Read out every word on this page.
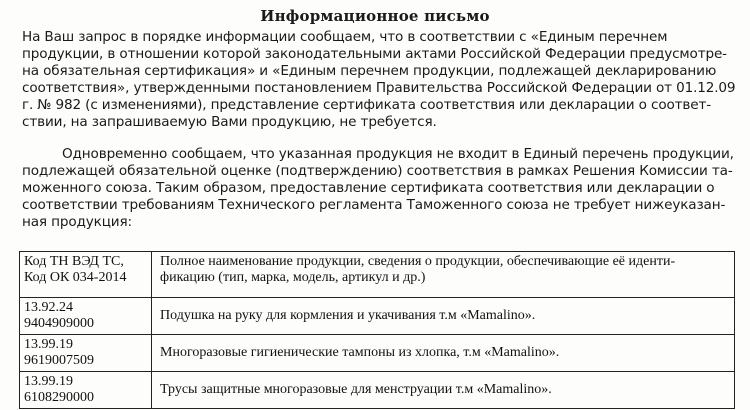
Информационное письмо
На Ваш запрос в порядке информации сообщаем, что в соответствии с «Единым перечнем
продукции, в отношении которой законодательными актами Российской Федерации предусмотре-
на обязательная сертификация» и «Единым перечнем продукции, подлежащей декларированию
соответствия», утвержденными постановлением Правительства Российской Федерации от 01.12.09
г. № 982 (с изменениями), представление сертификата соответствия или декларации о соответ-
ствии, на запрашиваемую Вами продукцию, не требуется.
Одновременно сообщаем, что указанная продукция не входит в Единый перечень продукции,
подлежащей обязательной оценке (подтверждению) соответствия в рамках Решения Комиссии та-
моженного союза. Таким образом, предоставление сертификата соответствия или декларации о
соответствии требованиям Технического регламента Таможенного союза не требует нижеуказан-
ная продукция:
Код ТН ВЭД ТС,
Код ОК 034-2014	Полное наименование продукции, сведения о продукции, обеспечивающие её иденти-
фикацию (тип, марка, модель, артикул и др.)

13.92.24
9404909000	Подушка на руку для кормления и укачивания т.м «Mamalino».

13.99.19
9619007509	Многоразовые гигиенические тампоны из хлопка, т.м «Mamalino».

13.99.19
6108290000	Трусы защитные многоразовые для менструации т.м «Mamalino».
